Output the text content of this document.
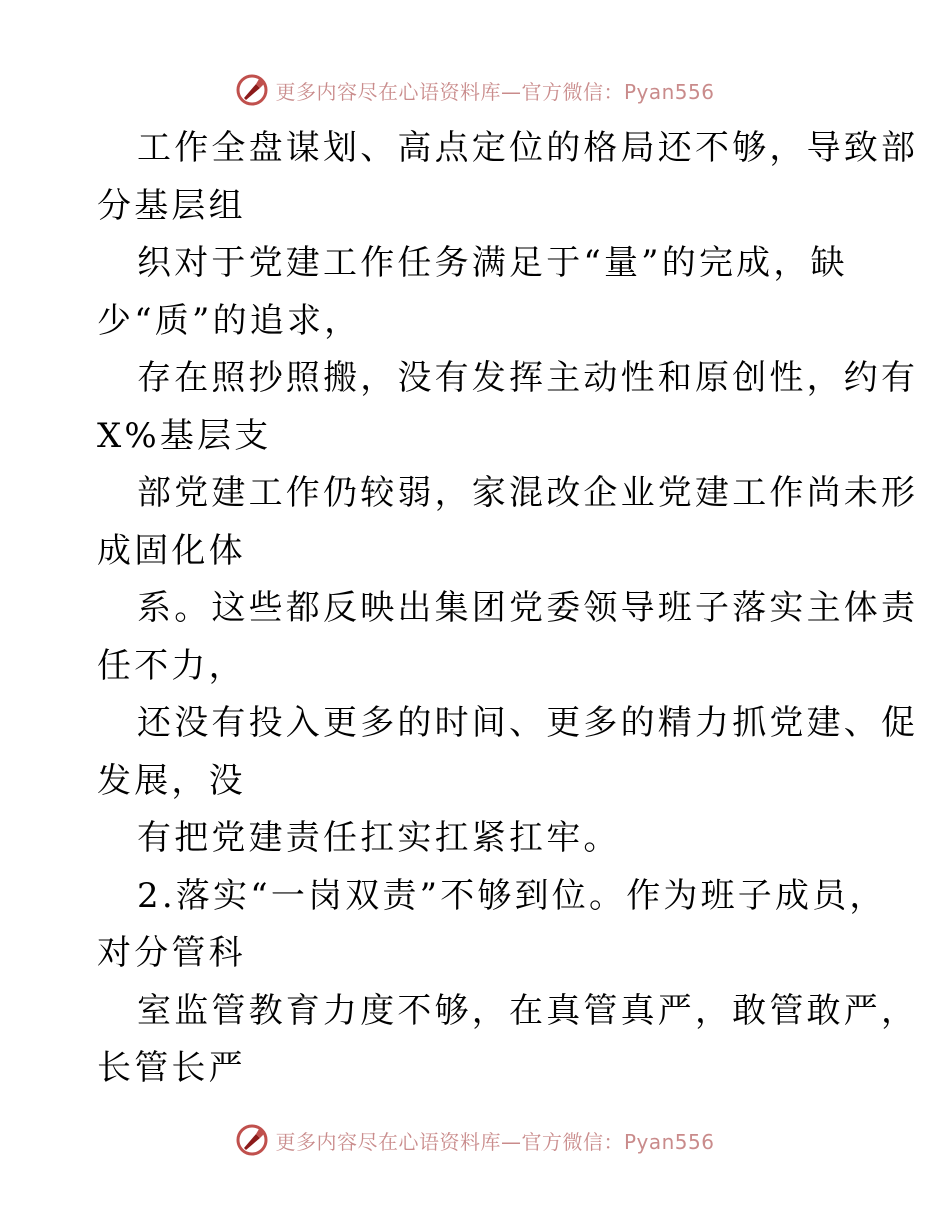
更多内容尽在心语资料库—官方微信：Pyan556
工作全盘谋划、高点定位的格局还不够，导致部
分基层组
织对于党建工作任务满足于“量”的完成，缺
少“质”的追求，
存在照抄照搬，没有发挥主动性和原创性，约有
X%基层支
部党建工作仍较弱，家混改企业党建工作尚未形
成固化体
系。这些都反映出集团党委领导班子落实主体责
任不力，
还没有投入更多的时间、更多的精力抓党建、促
发展，没
有把党建责任扛实扛紧扛牢。
2.落实“一岗双责”不够到位。作为班子成员，
对分管科
室监管教育力度不够，在真管真严，敢管敢严，
长管长严
更多内容尽在心语资料库—官方微信：Pyan556
